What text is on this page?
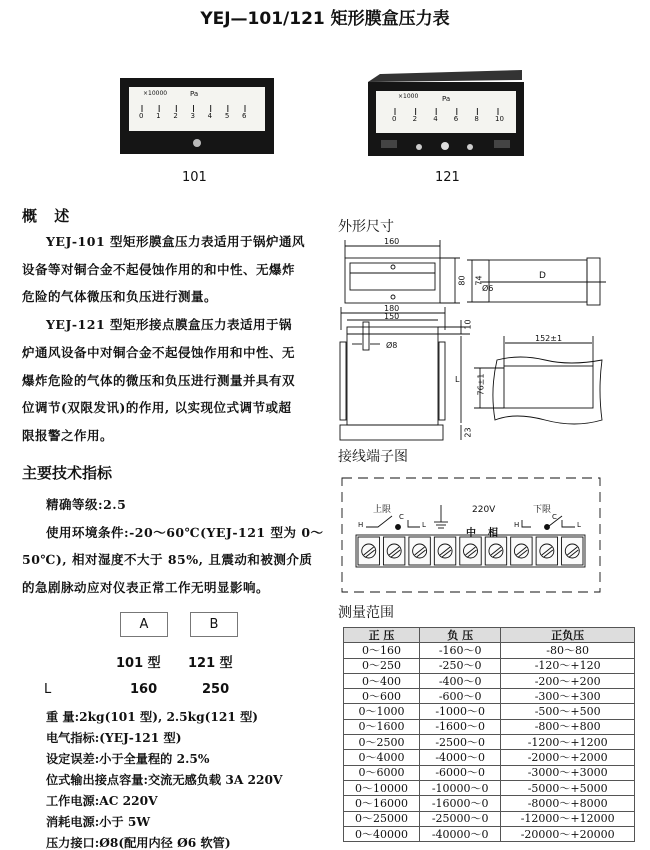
YEJ—101/121 矩形膜盒压力表
101	121
×10000	Pa	×1000	Pa
0 1 2 3 4 5 6	0 2 4 6 8 10
概 述
YEJ-101 型矩形膜盒压力表适用于锅炉通风
设备等对铜合金不起侵蚀作用的和中性、无爆炸
危险的气体微压和负压进行测量。
YEJ-121 型矩形接点膜盒压力表适用于锅
炉通风设备中对铜合金不起侵蚀作用和中性、无
爆炸危险的气体的微压和负压进行测量并具有双
位调节(双限发讯)的作用, 以实现位式调节或超
限报警之作用。
主要技术指标
精确等级:2.5
使用环境条件:-20～60℃(YEJ-121 型为 0～
50℃), 相对湿度不大于 85%, 且震动和被测介质
的急剧脉动应对仪表正常工作无明显影响。
A	B
101 型 121 型
L	160	250
重 量:2kg(101 型), 2.5kg(121 型)
电气指标:(YEJ-121 型)
设定误差:小于全量程的 2.5%
位式输出接点容量:交流无感负载 3A 220V
工作电源:AC 220V
消耗电源:小于 5W
压力接口:Ø8(配用内径 Ø6 软管)
外形尺寸
160
80 74
Ø6
D
180
150
10
Ø8
L
23
152±1
76±1
接线端子图
上限	220V	下限
中 相
H
C
L	H
C
L
测量范围
正 压	负 压	正负压
0～160	-160～0	-80～80
0～250	-250～0	-120～+120
0～400	-400～0	-200～+200
0～600	-600～0	-300～+300
0～1000	-1000～0	-500～+500
0～1600	-1600～0	-800～+800
0～2500	-2500～0	-1200～+1200
0～4000	-4000～0	-2000～+2000
0～6000	-6000～0	-3000～+3000
0～10000	-10000～0	-5000～+5000
0～16000	-16000～0	-8000～+8000
0～25000	-25000～0	-12000～+12000
0～40000	-40000～0	-20000～+20000
